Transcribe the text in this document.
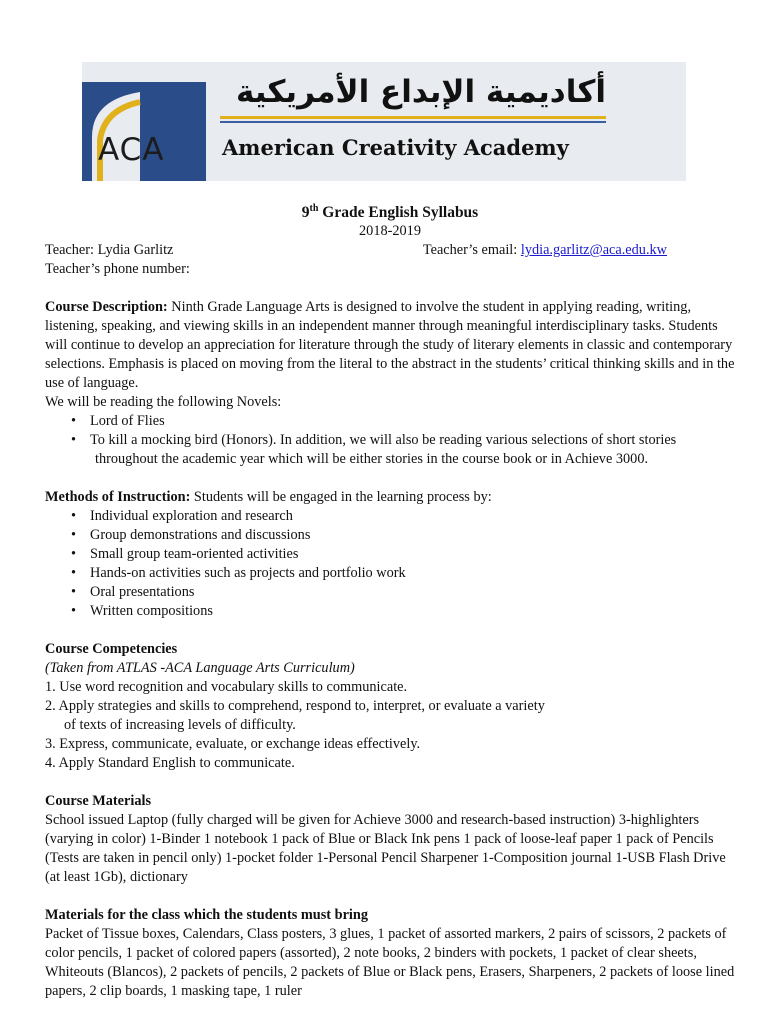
ACA
أكاديمية الإبداع الأمريكية
American Creativity Academy
9th Grade English Syllabus
2018-2019
Teacher: Lydia Garlitz	Teacher’s email: lydia.garlitz@aca.edu.kw

Teacher’s phone number:

Course Description: Ninth Grade Language Arts is designed to involve the student in applying reading, writing, listening, speaking, and viewing skills in an independent manner through meaningful interdisciplinary tasks. Students will continue to develop an appreciation for literature through the study of literary elements in classic and contemporary selections. Emphasis is placed on moving from the literal to the abstract in the students’ critical thinking skills and in the use of language.

We will be reading the following Novels:

• Lord of Flies
• To kill a mocking bird (Honors). In addition, we will also be reading various selections of short stories

throughout the academic year which will be either stories in the course book or in Achieve 3000.

Methods of Instruction: Students will be engaged in the learning process by:

• Individual exploration and research
• Group demonstrations and discussions
• Small group team-oriented activities
• Hands-on activities such as projects and portfolio work
• Oral presentations
• Written compositions

Course Competencies

(Taken from ATLAS -ACA Language Arts Curriculum)

1. Use word recognition and vocabulary skills to communicate.

2. Apply strategies and skills to comprehend, respond to, interpret, or evaluate a variety

of texts of increasing levels of difficulty.

3. Express, communicate, evaluate, or exchange ideas effectively.

4. Apply Standard English to communicate.

Course Materials

School issued Laptop (fully charged will be given for Achieve 3000 and research-based instruction) 3-highlighters (varying in color) 1-Binder 1 notebook 1 pack of Blue or Black Ink pens 1 pack of loose-leaf paper 1 pack of Pencils (Tests are taken in pencil only) 1-pocket folder 1-Personal Pencil Sharpener 1-Composition journal 1-USB Flash Drive (at least 1Gb), dictionary

Materials for the class which the students must bring

Packet of Tissue boxes, Calendars, Class posters, 3 glues, 1 packet of assorted markers, 2 pairs of scissors, 2 packets of color pencils, 1 packet of colored papers (assorted), 2 note books, 2 binders with pockets, 1 packet of clear sheets, Whiteouts (Blancos), 2 packets of pencils, 2 packets of Blue or Black pens, Erasers, Sharpeners, 2 packets of loose lined papers, 2 clip boards, 1 masking tape, 1 ruler
